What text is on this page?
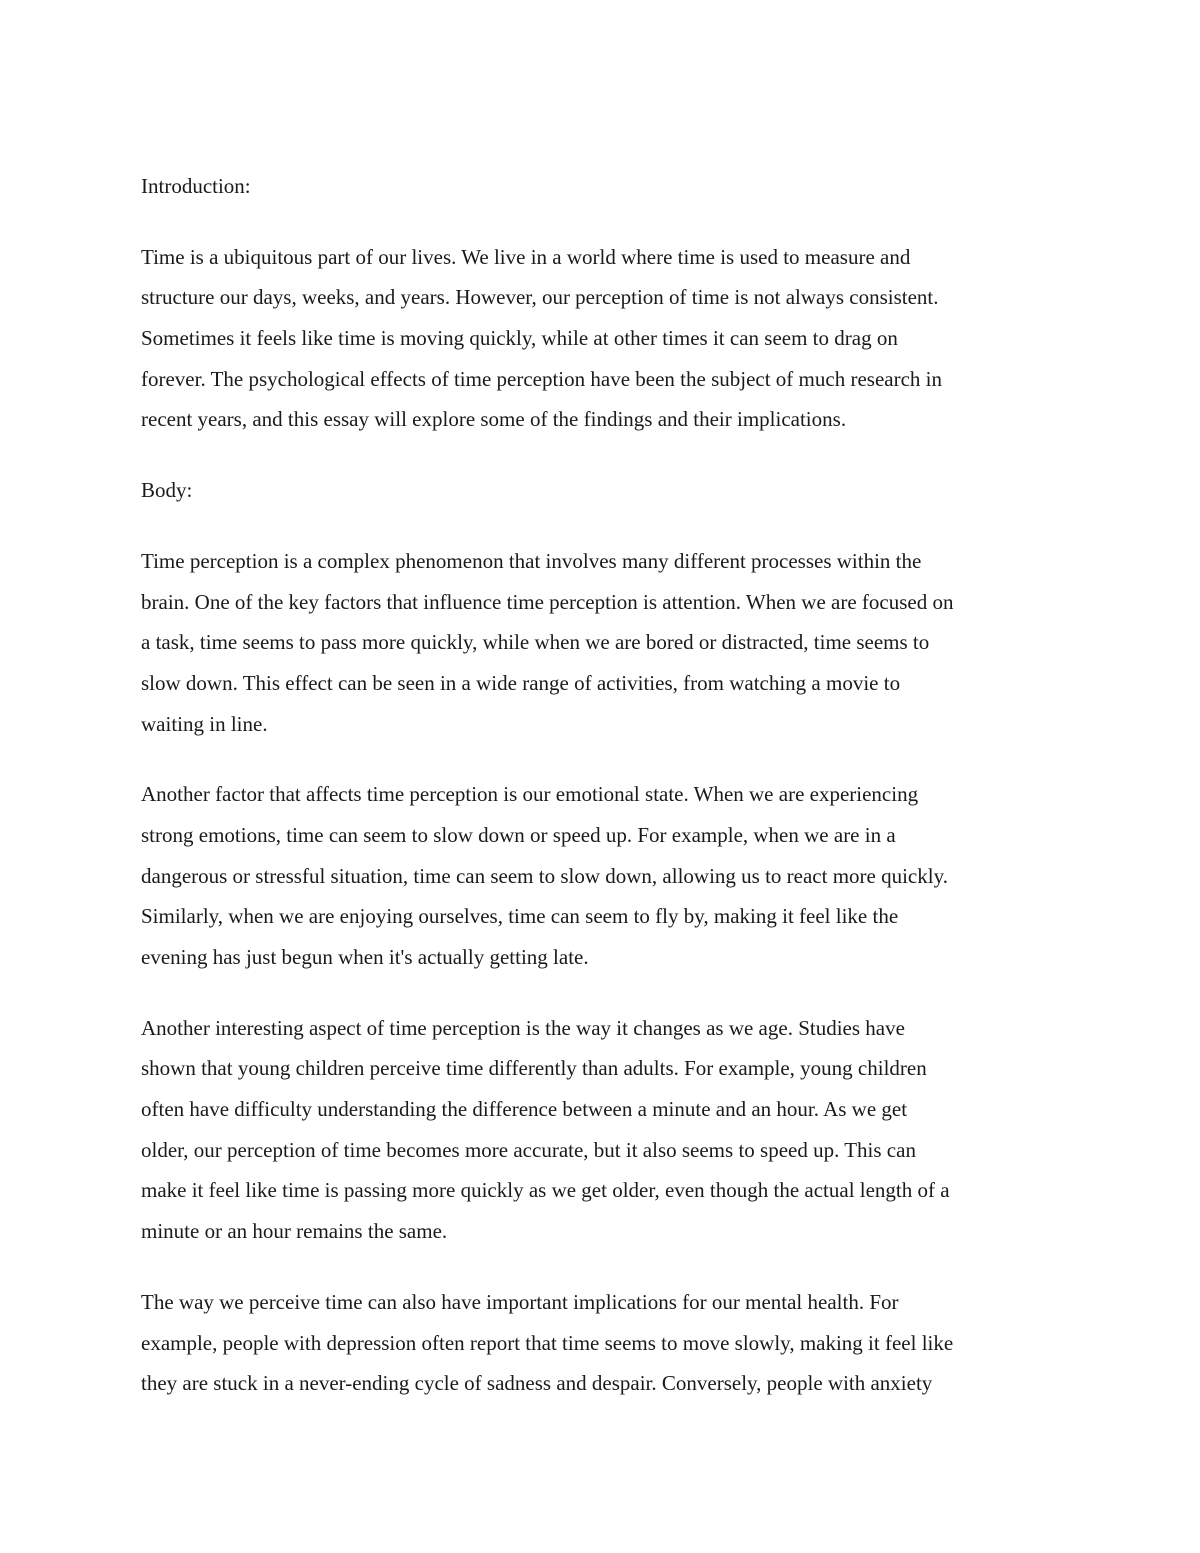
Introduction:
Time is a ubiquitous part of our lives. We live in a world where time is used to measure and
structure our days, weeks, and years. However, our perception of time is not always consistent.
Sometimes it feels like time is moving quickly, while at other times it can seem to drag on
forever. The psychological effects of time perception have been the subject of much research in
recent years, and this essay will explore some of the findings and their implications.
Body:
Time perception is a complex phenomenon that involves many different processes within the
brain. One of the key factors that influence time perception is attention. When we are focused on
a task, time seems to pass more quickly, while when we are bored or distracted, time seems to
slow down. This effect can be seen in a wide range of activities, from watching a movie to
waiting in line.
Another factor that affects time perception is our emotional state. When we are experiencing
strong emotions, time can seem to slow down or speed up. For example, when we are in a
dangerous or stressful situation, time can seem to slow down, allowing us to react more quickly.
Similarly, when we are enjoying ourselves, time can seem to fly by, making it feel like the
evening has just begun when it's actually getting late.
Another interesting aspect of time perception is the way it changes as we age. Studies have
shown that young children perceive time differently than adults. For example, young children
often have difficulty understanding the difference between a minute and an hour. As we get
older, our perception of time becomes more accurate, but it also seems to speed up. This can
make it feel like time is passing more quickly as we get older, even though the actual length of a
minute or an hour remains the same.
The way we perceive time can also have important implications for our mental health. For
example, people with depression often report that time seems to move slowly, making it feel like
they are stuck in a never-ending cycle of sadness and despair. Conversely, people with anxiety
